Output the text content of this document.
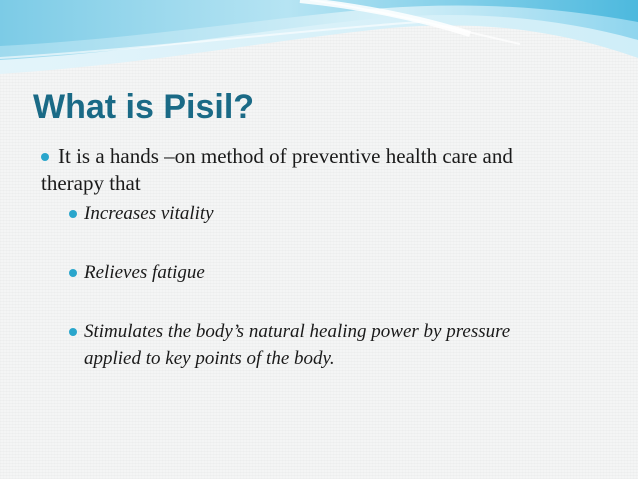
What is Pisil?
It is a hands –on method of preventive health care and
therapy that
Increases vitality
Relieves fatigue
Stimulates the body’s natural healing power by pressure
applied to key points of the body.
